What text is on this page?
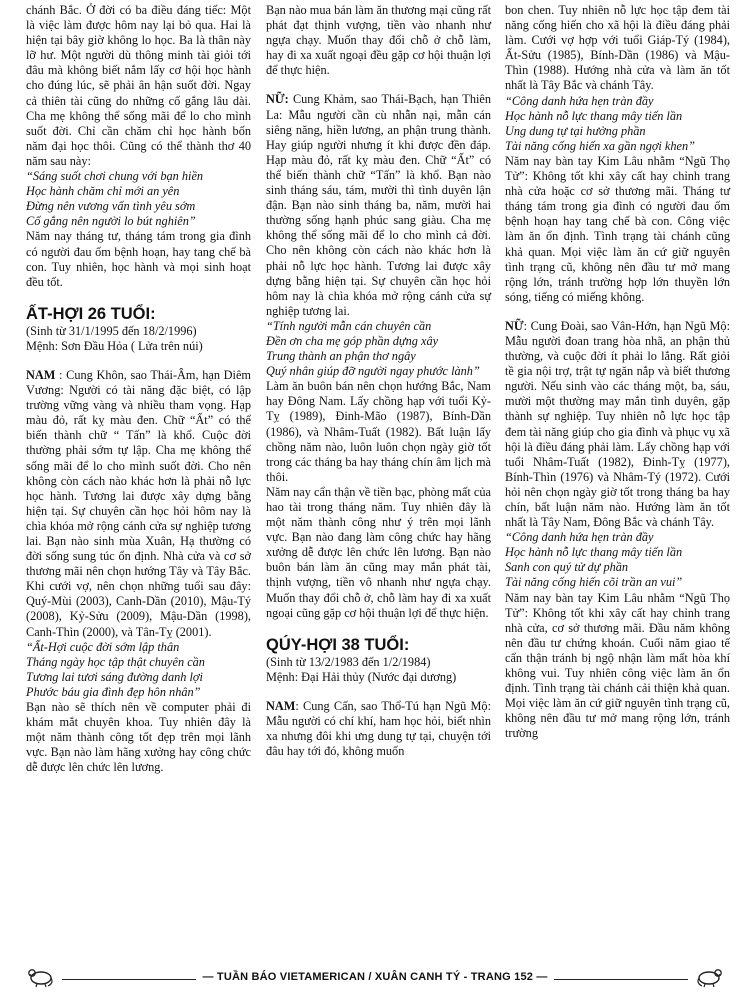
chánh Bắc. Ở đời có ba điều đáng tiếc: Một là việc làm được hôm nay lại bỏ qua. Hai là hiện tại bây giờ không lo học. Ba là thân này lỡ hư. Một người dù thông minh tài giỏi tới đâu mà không biết nắm lấy cơ hội học hành cho đúng lúc, sẽ phải ân hận suốt đời. Ngay cả thiên tài cũng do những cố gắng lâu dài. Cha mẹ không thể sống mãi để lo cho mình suốt đời. Chỉ cần chăm chỉ học hành bốn năm đại học thôi. Cũng có thể thành thơ 40 năm sau này:

“Sáng suốt chơi chung với bạn hiền
Học hành chăm chỉ mới an yên
Đừng nên vương vấn tình yêu sớm
Cố gắng nên người lo bút nghiên”

Năm nay tháng tư, tháng tám trong gia đình có người đau ốm bệnh hoạn, hay tang chế bà con. Tuy nhiên, học hành và mọi sinh hoạt đều tốt.

ẤT-HỢI 26 TUỔI:

(Sinh từ 31/1/1995 đến 18/2/1996)

Mệnh: Sơn Đầu Hỏa ( Lửa trên núi)

NAM : Cung Khôn, sao Thái-Âm, hạn Diêm Vương: Người có tài năng đặc biệt, có lập trường vững vàng và nhiều tham vọng. Hạp màu đỏ, rất kỵ màu đen. Chữ “Ất” có thể biến thành chữ “ Tấn” là khổ. Cuộc đời thường phải sớm tự lập. Cha mẹ không thể sống mãi để lo cho mình suốt đời. Cho nên không còn cách nào khác hơn là phải nỗ lực học hành. Tương lai được xây dựng bằng hiện tại. Sự chuyên cần học hỏi hôm nay là chìa khóa mở rộng cánh cửa sự nghiệp tương lai. Bạn nào sinh mùa Xuân, Hạ thường có đời sống sung túc ổn định. Nhà cửa và cơ sở thương mãi nên chọn hướng Tây và Tây Bắc. Khi cưới vợ, nên chọn những tuổi sau đây: Quý-Mùi (2003), Canh-Dần (2010), Mậu-Tý (2008), Kỷ-Sửu (2009), Mậu-Dần (1998), Canh-Thìn (2000), và Tân-Tỵ (2001).

“Ất-Hợi cuộc đời sớm lập thân
Tháng ngày học tập thật chuyên cần
Tương lai tươi sáng đường danh lợi
Phước báu gia đình đẹp hôn nhân”

Bạn nào sẽ thích nên về computer phải đi khám mắt chuyên khoa. Tuy nhiên đây là một năm thành công tốt đẹp trên mọi lãnh vực. Bạn nào làm hãng xưởng hay công chức dễ được lên chức lên lương.

Bạn nào mua bán làm ăn thương mại cũng rất phát đạt thịnh vượng, tiền vào nhanh như ngựa chạy. Muốn thay đổi chỗ ở chỗ làm, hay đi xa xuất ngoại đều gặp cơ hội thuận lợi để thực hiện.

NỮ: Cung Khảm, sao Thái-Bạch, hạn Thiên La: Mẫu người cần cù nhẫn nại, mẫn cán siêng năng, hiền lương, an phận trung thành. Hay giúp người nhưng ít khi được đền đáp. Hạp màu đỏ, rất kỵ màu đen. Chữ “Ất” có thể biến thành chữ “Tấn” là khổ. Bạn nào sinh tháng sáu, tám, mười thì tình duyên lận đận. Bạn nào sinh tháng ba, năm, mười hai thường sống hạnh phúc sang giàu. Cha mẹ không thể sống mãi để lo cho mình cả đời. Cho nên không còn cách nào khác hơn là phải nỗ lực học hành. Tương lai được xây dựng bằng hiện tại. Sự chuyên cần học hỏi hôm nay là chìa khóa mở rộng cánh cửa sự nghiệp tương lai.

“Tính người mẫn cán chuyên cần
Đền ơn cha mẹ góp phần dựng xây
Trung thành an phận thơ ngây
Quý nhân giúp đỡ người ngay phước lành”

Làm ăn buôn bán nên chọn hướng Bắc, Nam hay Đông Nam. Lấy chồng hạp với tuổi Kỷ-Tỵ (1989), Đinh-Mão (1987), Bính-Dần (1986), và Nhâm-Tuất (1982). Bất luận lấy chồng năm nào, luôn luôn chọn ngày giờ tốt trong các tháng ba hay tháng chín âm lịch mà thôi.

Năm nay cẩn thận về tiền bạc, phòng mất của hao tài trong tháng năm. Tuy nhiên đây là một năm thành công như ý trên mọi lãnh vực. Bạn nào đang làm công chức hay hãng xưởng dễ được lên chức lên lương. Bạn nào buôn bán làm ăn cũng may mắn phát tài, thịnh vượng, tiền vô nhanh như ngựa chạy. Muốn thay đổi chỗ ở, chỗ làm hay đi xa xuất ngoại cũng gặp cơ hội thuận lợi để thực hiện.

QÚY-HỢI 38 TUỔI:

(Sinh từ 13/2/1983 đến 1/2/1984)

Mệnh: Đại Hải thủy (Nước đại dương)

NAM: Cung Cấn, sao Thổ-Tú hạn Ngũ Mộ: Mẫu người có chí khí, ham học hỏi, biết nhìn xa nhưng đôi khi ưng dung tự tại, chuyện tới đâu hay tới đó, không muốn

bon chen. Tuy nhiên nỗ lực học tập đem tài năng cống hiến cho xã hội là điều đáng phải làm. Cưới vợ hợp với tuổi Giáp-Tý (1984), Ất-Sửu (1985), Bính-Dần (1986) và Mậu-Thìn (1988). Hướng nhà cửa và làm ăn tốt nhất là Tây Bắc và chánh Tây.

“Công danh hứa hẹn tràn đầy
Học hành nỗ lực thang mây tiến lần
Ung dung tự tại hưởng phần
Tài năng cống hiến xa gần ngợi khen”

Năm nay bàn tay Kim Lâu nhằm “Ngũ Thọ Tử”: Không tốt khi xây cất hay chỉnh trang nhà cửa hoặc cơ sở thương mãi. Tháng tư tháng tám trong gia đình có người đau ốm bệnh hoạn hay tang chế bà con. Công việc làm ăn ổn định. Tình trạng tài chánh cũng khả quan. Mọi việc làm ăn cứ giữ nguyên tình trạng cũ, không nên đầu tư mở mang rộng lớn, tránh trường hợp lớn thuyền lớn sóng, tiếng có miếng không.

NỮ: Cung Đoài, sao Vân-Hớn, hạn Ngũ Mộ: Mẫu người đoan trang hòa nhã, an phận thủ thường, và cuộc đời ít phải lo lắng. Rất giỏi tề gia nội trợ, trật tự ngăn nắp và biết thương người. Nếu sinh vào các tháng một, ba, sáu, mười một thường may mắn tình duyên, gặp thành sự nghiệp. Tuy nhiên nỗ lực học tập đem tài năng giúp cho gia đình và phục vụ xã hội là điều đáng phải làm. Lấy chồng hạp với tuổi Nhâm-Tuất (1982), Đinh-Tỵ (1977), Bính-Thìn (1976) và Nhâm-Tý (1972). Cưới hỏi nên chọn ngày giờ tốt trong tháng ba hay chín, bất luận năm nào. Hướng làm ăn tốt nhất là Tây Nam, Đông Bắc và chánh Tây.

“Công danh hứa hẹn tràn đầy
Học hành nỗ lực thang mây tiến lần
Sanh con quý tử dự phần
Tài năng cống hiến cõi trần an vui”

Năm nay bàn tay Kim Lâu nhằm “Ngũ Thọ Tử”: Không tốt khi xây cất hay chỉnh trang nhà cửa, cơ sở thương mãi. Đầu năm không nên đầu tư chứng khoán. Cuối năm giao tế cẩn thận tránh bị ngộ nhận làm mất hòa khí không vui. Tuy nhiên công việc làm ăn ổn định. Tình trạng tài chánh cải thiện khả quan. Mọi việc làm ăn cứ giữ nguyên tình trạng cũ, không nên đầu tư mở mang rộng lớn, tránh trường

— TUẦN BÁO VIETAMERICAN / XUÂN CANH TÝ - TRANG 152 —
